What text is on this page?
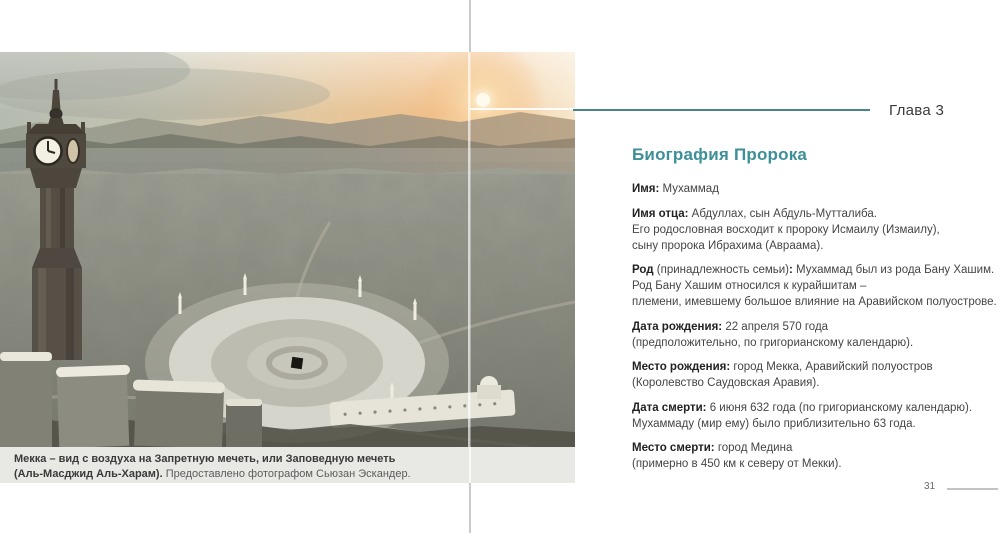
Мекка – вид с воздуха на Запретную мечеть, или Заповедную мечеть
(Аль-Масджид Аль-Харам). Предоставлено фотографом Сьюзан Эскандер.
Глава 3
Биография Пророка

Имя: Мухаммад

Имя отца: Абдуллах, сын Абдуль-Мутталиба.
Его родословная восходит к пророку Исмаилу (Измаилу),
сыну пророка Ибрахима (Авраама).

Род (принадлежность семьи): Мухаммад был из рода Бану Хашим.
Род Бану Хашим относился к курайшитам –
племени, имевшему большое влияние на Аравийском полуострове.

Дата рождения: 22 апреля 570 года
(предположительно, по григорианскому календарю).

Место рождения: город Мекка, Аравийский полуостров
(Королевство Саудовская Аравия).

Дата смерти: 6 июня 632 года (по григорианскому календарю).
Мухаммаду (мир ему) было приблизительно 63 года.

Место смерти: город Медина
(примерно в 450 км к северу от Мекки).

31
